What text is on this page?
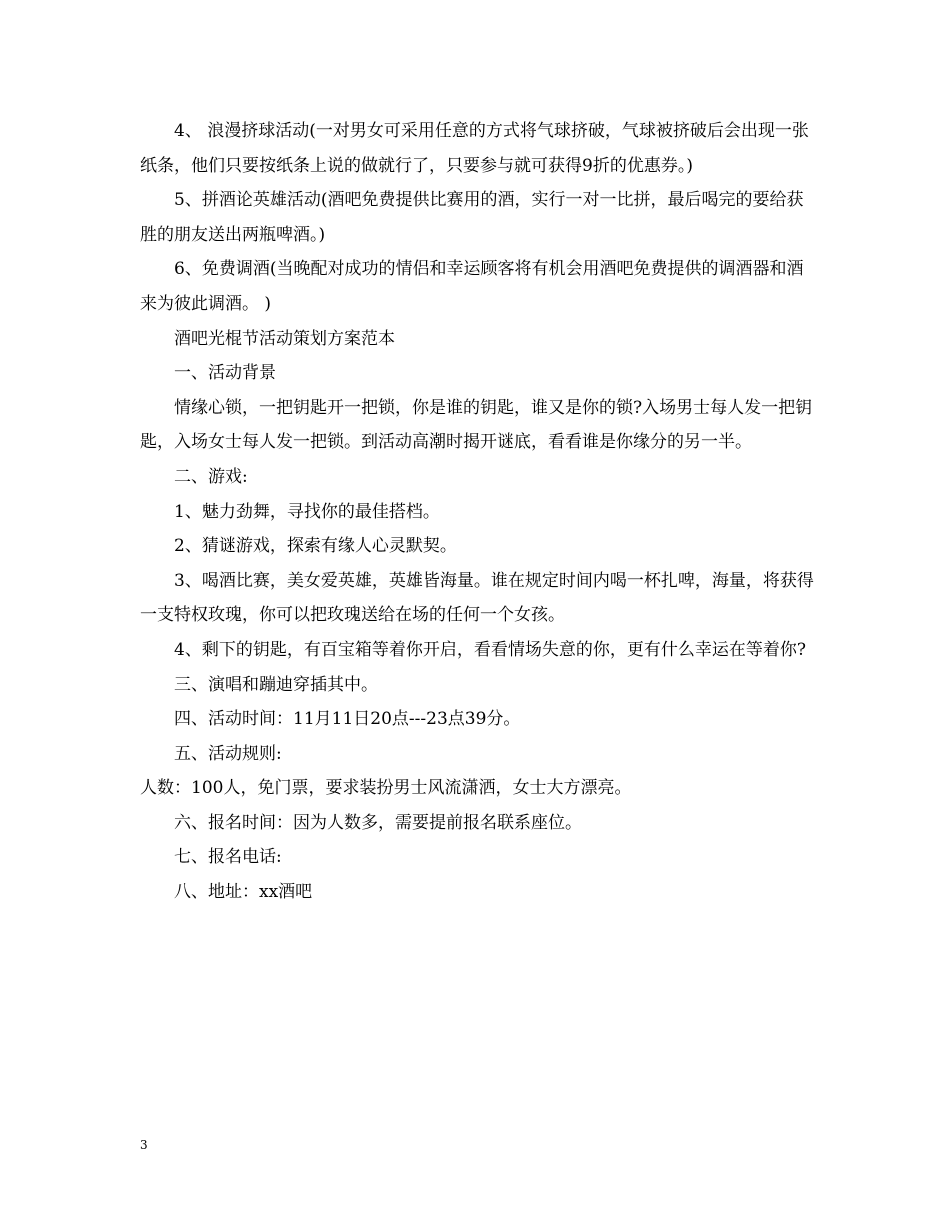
4、 浪漫挤球活动(一对男女可采用任意的方式将气球挤破，气球被挤破后会出现一张纸条，他们只要按纸条上说的做就行了，只要参与就可获得9折的优惠券。)

5、拼酒论英雄活动(酒吧免费提供比赛用的酒，实行一对一比拼，最后喝完的要给获胜的朋友送出两瓶啤酒。)

6、免费调酒(当晚配对成功的情侣和幸运顾客将有机会用酒吧免费提供的调酒器和酒来为彼此调酒。 )

酒吧光棍节活动策划方案范本

一、活动背景

情缘心锁，一把钥匙开一把锁，你是谁的钥匙，谁又是你的锁?入场男士每人发一把钥匙，入场女士每人发一把锁。到活动高潮时揭开谜底，看看谁是你缘分的另一半。

二、游戏:

1、魅力劲舞，寻找你的最佳搭档。

2、猜谜游戏，探索有缘人心灵默契。

3、喝酒比赛，美女爱英雄，英雄皆海量。谁在规定时间内喝一杯扎啤，海量，将获得一支特权玫瑰，你可以把玫瑰送给在场的任何一个女孩。

4、剩下的钥匙，有百宝箱等着你开启，看看情场失意的你，更有什么幸运在等着你?

三、演唱和蹦迪穿插其中。

四、活动时间：11月11日20点---23点39分。

五、活动规则:

人数：100人，免门票，要求装扮男士风流潇洒，女士大方漂亮。

六、报名时间：因为人数多，需要提前报名联系座位。

七、报名电话:

八、地址：xx酒吧

3
